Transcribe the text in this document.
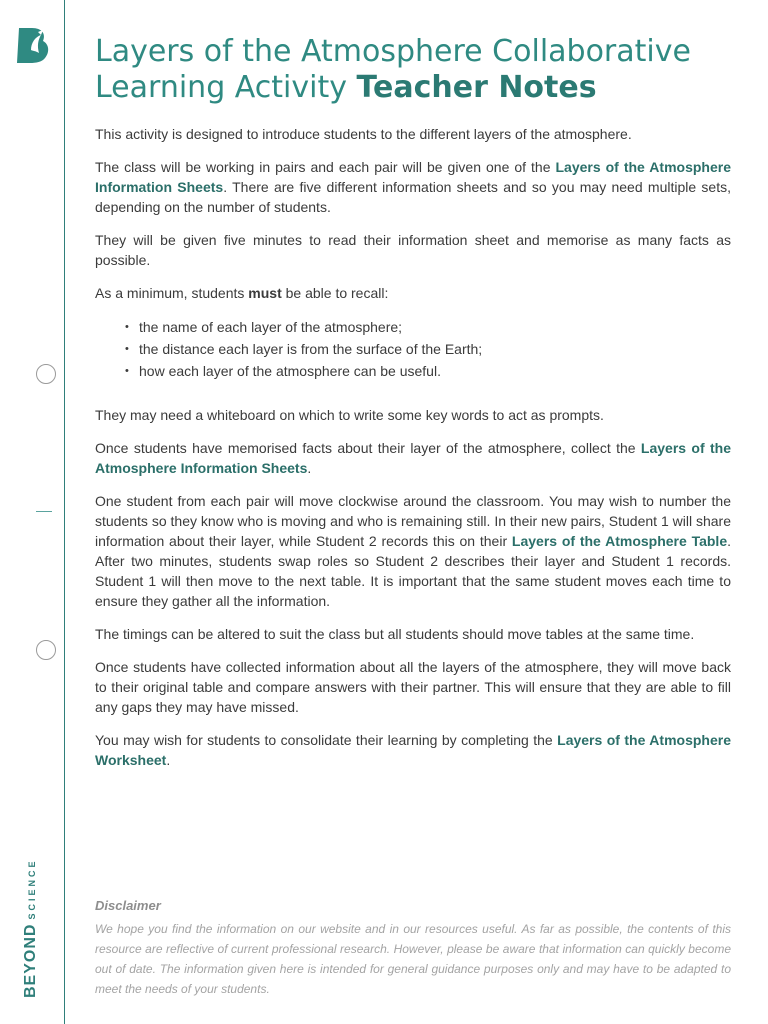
BEYONDSCIENCE
Layers of the Atmosphere Collaborative
Learning Activity Teacher Notes

This activity is designed to introduce students to the different layers of the atmosphere.

The class will be working in pairs and each pair will be given one of the Layers of the Atmosphere Information Sheets. There are five different information sheets and so you may need multiple sets, depending on the number of students.

They will be given five minutes to read their information sheet and memorise as many facts as possible.

As a minimum, students must be able to recall:

• the name of each layer of the atmosphere;
• the distance each layer is from the surface of the Earth;
• how each layer of the atmosphere can be useful.

They may need a whiteboard on which to write some key words to act as prompts.

Once students have memorised facts about their layer of the atmosphere, collect the Layers of the Atmosphere Information Sheets.

One student from each pair will move clockwise around the classroom. You may wish to number the students so they know who is moving and who is remaining still. In their new pairs, Student 1 will share information about their layer, while Student 2 records this on their Layers of the Atmosphere Table. After two minutes, students swap roles so Student 2 describes their layer and Student 1 records. Student 1 will then move to the next table. It is important that the same student moves each time to ensure they gather all the information.

The timings can be altered to suit the class but all students should move tables at the same time.

Once students have collected information about all the layers of the atmosphere, they will move back to their original table and compare answers with their partner. This will ensure that they are able to fill any gaps they may have missed.

You may wish for students to consolidate their learning by completing the Layers of the Atmosphere Worksheet.

Disclaimer
We hope you find the information on our website and in our resources useful. As far as possible, the contents of this resource are reflective of current professional research. However, please be aware that information can quickly become out of date. The information given here is intended for general guidance purposes only and may have to be adapted to meet the needs of your students.
